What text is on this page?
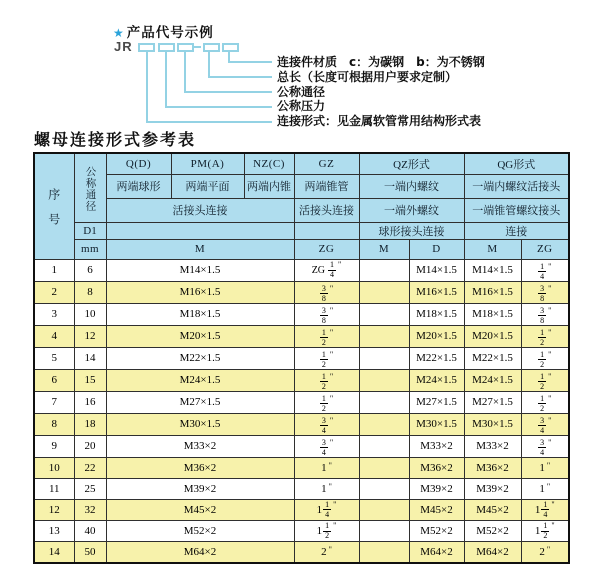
★ 产品代号示例
JR
连接件材质　c：为碳钢　b：为不锈钢
总长（长度可根据用户要求定制）
公称通径
公称压力
连接形式：见金属软管常用结构形式表
螺母连接形式参考表
序号	公称通径	Q(D)	PM(A)	NZ(C)	GZ	QZ形式		QG形式	
		两端球形	两端平面	两端内锥	两端锥管	一端内螺纹		一端内螺纹活接头	
		活接头连接			活接头连接	一端外螺纹		一端锥管螺纹接头	
	D1					球形接头连接		连接	
	mm	M			ZG	M	D	M	ZG
1	6	M14×1.5			ZG $\frac{1}{4}$ "		M14×1.5	M14×1.5	$\frac{1}{4}$ "

2	8	M16×1.5			$\frac{3}{8}$ "		M16×1.5	M16×1.5	$\frac{3}{8}$ "

3	10	M18×1.5			$\frac{3}{8}$ "		M18×1.5	M18×1.5	$\frac{3}{8}$ "

4	12	M20×1.5			$\frac{1}{2}$ "		M20×1.5	M20×1.5	$\frac{1}{2}$ "

5	14	M22×1.5			$\frac{1}{2}$ "		M22×1.5	M22×1.5	$\frac{1}{2}$ "

6	15	M24×1.5			$\frac{1}{2}$ "		M24×1.5	M24×1.5	$\frac{1}{2}$ "

7	16	M27×1.5			$\frac{1}{2}$ "		M27×1.5	M27×1.5	$\frac{1}{2}$ "

8	18	M30×1.5			$\frac{3}{4}$ "		M30×1.5	M30×1.5	$\frac{3}{4}$ "

9	20	M33×2			$\frac{3}{4}$ "		M33×2	M33×2	$\frac{3}{4}$ "

10	22	M36×2			1 "		M36×2	M36×2	1 "

11	25	M39×2			1 "		M39×2	M39×2	1 "

12	32	M45×2			$1 \frac{1}{4}$ "		M45×2	M45×2	$1 \frac{1}{4}$ "

13	40	M52×2			$1 \frac{1}{2}$ "		M52×2	M52×2	$1 \frac{1}{2}$ "

14	50	M64×2			2 "		M64×2	M64×2	2 "
